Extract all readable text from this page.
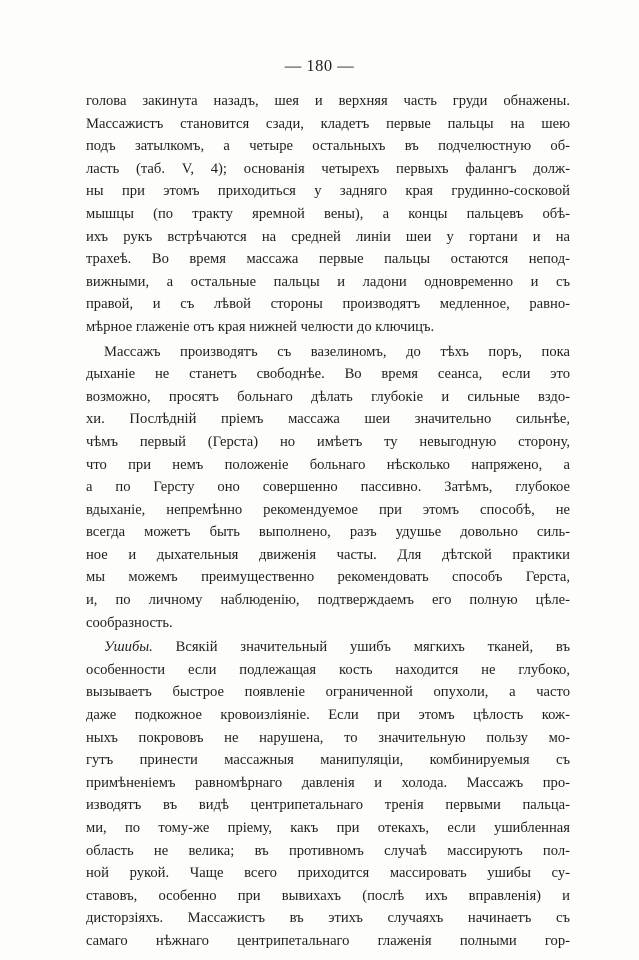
— 180 —
голова закинута назадъ, шея и верхняя часть груди обнажены.
Массажистъ становится сзади, кладетъ первые пальцы на шею
подъ затылкомъ, а четыре остальныхъ въ подчелюстную об-
ласть (таб. V, 4); основанія четырехъ первыхъ фалангъ долж-
ны при этомъ приходиться у задняго края грудинно-сосковой
мышцы (по тракту яремной вены), а концы пальцевъ обѣ-
ихъ рукъ встрѣчаются на средней линіи шеи у гортани и на
трахеѣ. Во время массажа первые пальцы остаются непод-
вижными, а остальные пальцы и ладони одновременно и съ
правой, и съ лѣвой стороны производятъ медленное, равно-
мѣрное глаженіе отъ края нижней челюсти до ключицъ.
Массажъ производятъ съ вазелиномъ, до тѣхъ поръ, пока
дыханіе не станетъ свободнѣе. Во время сеанса, если это
возможно, просятъ больнаго дѣлать глубокіе и сильные вздо-
хи. Послѣдній пріемъ массажа шеи значительно сильнѣе,
чѣмъ первый (Герста) но имѣетъ ту невыгодную сторону,
что при немъ положеніе больнаго нѣсколько напряжено, а
а по Герсту оно совершенно пассивно. Затѣмъ, глубокое
вдыханіе, непремѣнно рекомендуемое при этомъ способѣ, не
всегда можетъ быть выполнено, разъ удушье довольно силь-
ное и дыхательныя движенія часты. Для дѣтской практики
мы можемъ преимущественно рекомендовать способъ Герста,
и, по личному наблюденію, подтверждаемъ его полную цѣле-
сообразность.
Ушибы. Всякій значительный ушибъ мягкихъ тканей, въ
особенности если подлежащая кость находится не глубоко,
вызываетъ быстрое появленіе ограниченной опухоли, а часто
даже подкожное кровоизліяніе. Если при этомъ цѣлость кож-
ныхъ покрововъ не нарушена, то значительную пользу мо-
гутъ принести массажныя манипуляціи, комбинируемыя съ
примѣненіемъ равномѣрнаго давленія и холода. Массажъ про-
изводятъ въ видѣ центрипетальнаго тренія первыми пальца-
ми, по тому-же пріему, какъ при отекахъ, если ушибленная
область не велика; въ противномъ случаѣ массируютъ пол-
ной рукой. Чаще всего приходится массировать ушибы су-
ставовъ, особенно при вывихахъ (послѣ ихъ вправленія) и
дисторзіяхъ. Массажистъ въ этихъ случаяхъ начинаетъ съ
самаго нѣжнаго центрипетальнаго глаженія полными гор-
